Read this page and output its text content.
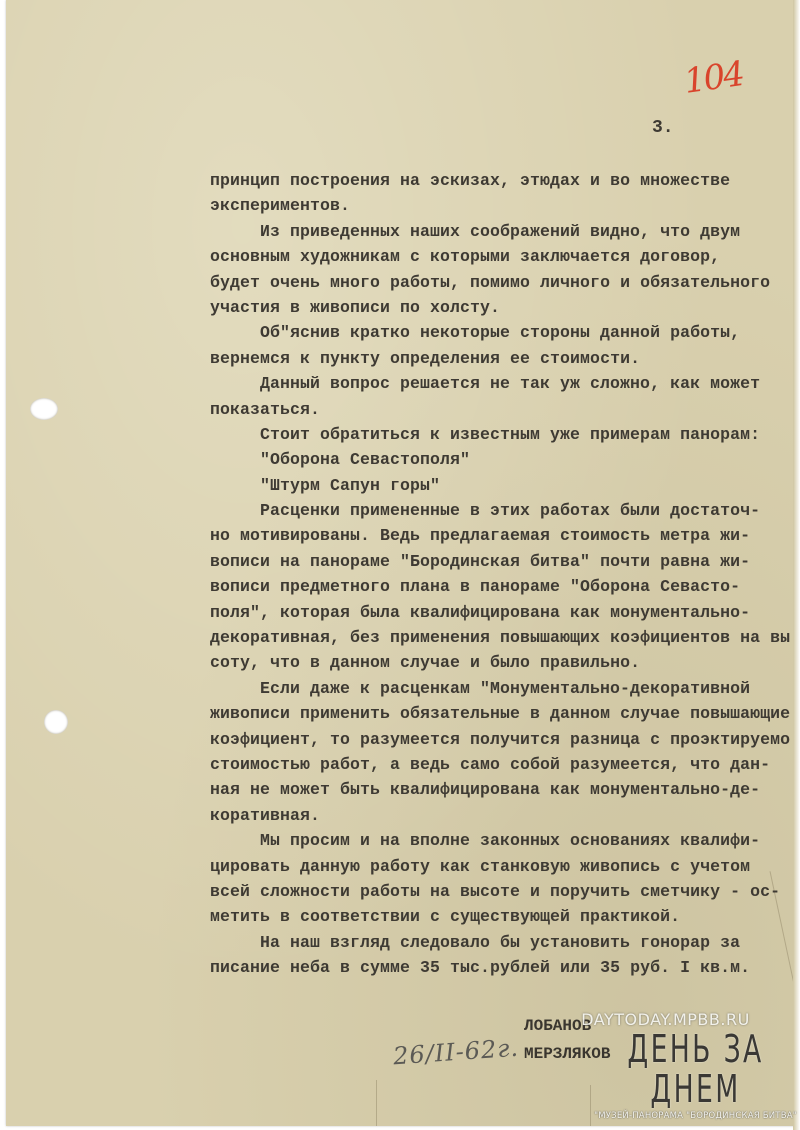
104
3.
принцип построения на эскизах, этюдах и во множестве
экспериментов.
Из приведенных наших соображений видно, что двум
основным художникам с которыми заключается договор,
будет очень много работы, помимо личного и обязательного
участия в живописи по холсту.
Об"яснив кратко некоторые стороны данной работы,
вернемся к пункту определения ее стоимости.
Данный вопрос решается не так уж сложно, как может
показаться.
Стоит обратиться к известным уже примерам панорам:
"Оборона Севастополя"
"Штурм Сапун горы"
Расценки примененные в этих работах были достаточ-
но мотивированы. Ведь предлагаемая стоимость метра жи-
вописи на панораме "Бородинская битва" почти равна жи-
вописи предметного плана в панораме "Оборона Севасто-
поля", которая была квалифицирована как монументально-
декоративная, без применения повышающих коэфициентов на вы
соту, что в данном случае и было правильно.
Если даже к расценкам "Монументально-декоративной
живописи применить обязательные в данном случае повышающие
коэфициент, то разумеется получится разница с проэктируемо
стоимостью работ, а ведь само собой разумеется, что дан-
ная не может быть квалифицирована как монументально-де-
коративная.
Мы просим и на вполне законных основаниях квалифи-
цировать данную работу как станковую живопись с учетом
всей сложности работы на высоте и поручить сметчику - ос-
метить в соответствии с существующей практикой.
На наш взгляд следовало бы установить гонорар за
писание неба в сумме 35 тыс.рублей или 35 руб. I кв.м.
ЛОБАНОВ
МЕРЗЛЯКОВ
26/II-62г.
DAYTODAY.MPBB.RU
ДЕНЬ ЗА ДНЕМ
"МУЗЕЙ-ПАНОРАМА "БОРОДИНСКАЯ БИТВА"
